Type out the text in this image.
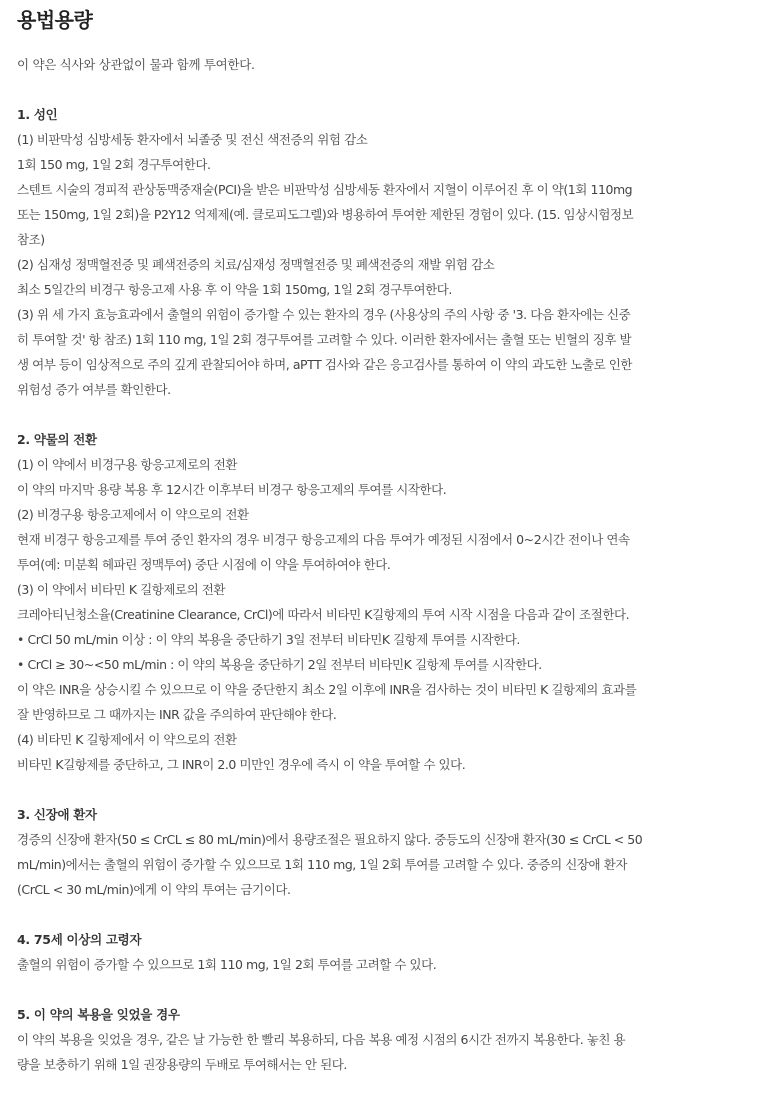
용법용량

이 약은 식사와 상관없이 물과 함께 투여한다.

1. 성인

(1) 비판막성 심방세동 환자에서 뇌졸중 및 전신 색전증의 위험 감소

1회 150 mg, 1일 2회 경구투여한다.

스텐트 시술의 경피적 관상동맥중재술(PCI)을 받은 비판막성 심방세동 환자에서 지혈이 이루어진 후 이 약(1회 110mg

또는 150mg, 1일 2회)을 P2Y12 억제제(예. 클로피도그렐)와 병용하여 투여한 제한된 경험이 있다. (15. 임상시험정보

참조)

(2) 심재성 정맥혈전증 및 폐색전증의 치료/심재성 정맥혈전증 및 폐색전증의 재발 위험 감소

최소 5일간의 비경구 항응고제 사용 후 이 약을 1회 150mg, 1일 2회 경구투여한다.

(3) 위 세 가지 효능효과에서 출혈의 위험이 증가할 수 있는 환자의 경우 (사용상의 주의 사항 중 '3. 다음 환자에는 신중

히 투여할 것' 항 참조) 1회 110 mg, 1일 2회 경구투여를 고려할 수 있다. 이러한 환자에서는 출혈 또는 빈혈의 징후 발

생 여부 등이 임상적으로 주의 깊게 관찰되어야 하며, aPTT 검사와 같은 응고검사를 통하여 이 약의 과도한 노출로 인한

위험성 증가 여부를 확인한다.

2. 약물의 전환

(1) 이 약에서 비경구용 항응고제로의 전환

이 약의 마지막 용량 복용 후 12시간 이후부터 비경구 항응고제의 투여를 시작한다.

(2) 비경구용 항응고제에서 이 약으로의 전환

현재 비경구 항응고제를 투여 중인 환자의 경우 비경구 항응고제의 다음 투여가 예정된 시점에서 0~2시간 전이나 연속

투여(예: 미분획 헤파린 정맥투여) 중단 시점에 이 약을 투여하여야 한다.

(3) 이 약에서 비타민 K 길항제로의 전환

크레아티닌청소율(Creatinine Clearance, CrCl)에 따라서 비타민 K길항제의 투여 시작 시점을 다음과 같이 조절한다.

• CrCl 50 mL/min 이상 : 이 약의 복용을 중단하기 3일 전부터 비타민K 길항제 투여를 시작한다.

• CrCl ≥ 30~<50 mL/min : 이 약의 복용을 중단하기 2일 전부터 비타민K 길항제 투여를 시작한다.

이 약은 INR을 상승시킬 수 있으므로 이 약을 중단한지 최소 2일 이후에 INR을 검사하는 것이 비타민 K 길항제의 효과를

잘 반영하므로 그 때까지는 INR 값을 주의하여 판단해야 한다.

(4) 비타민 K 길항제에서 이 약으로의 전환

비타민 K길항제를 중단하고, 그 INR이 2.0 미만인 경우에 즉시 이 약을 투여할 수 있다.

3. 신장애 환자

경증의 신장애 환자(50 ≤ CrCL ≤ 80 mL/min)에서 용량조절은 필요하지 않다. 중등도의 신장애 환자(30 ≤ CrCL < 50

mL/min)에서는 출혈의 위험이 증가할 수 있으므로 1회 110 mg, 1일 2회 투여를 고려할 수 있다. 중증의 신장애 환자

(CrCL < 30 mL/min)에게 이 약의 투여는 금기이다.

4. 75세 이상의 고령자

출혈의 위험이 증가할 수 있으므로 1회 110 mg, 1일 2회 투여를 고려할 수 있다.

5. 이 약의 복용을 잊었을 경우

이 약의 복용을 잊었을 경우, 같은 날 가능한 한 빨리 복용하되, 다음 복용 예정 시점의 6시간 전까지 복용한다. 놓친 용

량을 보충하기 위해 1일 권장용량의 두배로 투여해서는 안 된다.
